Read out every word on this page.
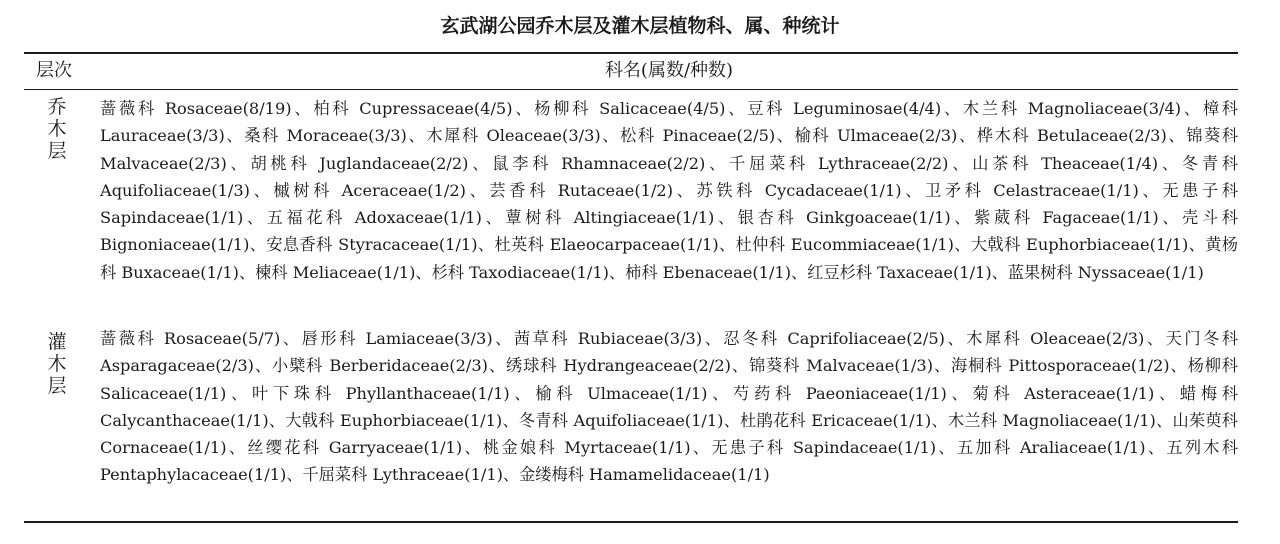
玄武湖公园乔木层及灌木层植物科、属、种统计
层次	科名(属数/种数)
乔
木
层
蔷薇科 Rosaceae(8/19)、柏科 Cupressaceae(4/5)、杨柳科 Salicaceae(4/5)、豆科 Leguminosae(4/4)、木兰科 Magnoliaceae(3/4)、樟科 Lauraceae(3/3)、桑科 Moraceae(3/3)、木犀科 Oleaceae(3/3)、松科 Pinaceae(2/5)、榆科 Ulmaceae(2/3)、桦木科 Betulaceae(2/3)、锦葵科 Malvaceae(2/3)、胡桃科 Juglandaceae(2/2)、鼠李科 Rhamnaceae(2/2)、千屈菜科 Lythraceae(2/2)、山茶科 Theaceae(1/4)、冬青科 Aquifoliaceae(1/3)、槭树科 Aceraceae(1/2)、芸香科 Rutaceae(1/2)、苏铁科 Cycadaceae(1/1)、卫矛科 Celastraceae(1/1)、无患子科 Sapindaceae(1/1)、五福花科 Adoxaceae(1/1)、蕈树科 Altingiaceae(1/1)、银杏科 Ginkgoaceae(1/1)、紫葳科 Fagaceae(1/1)、壳斗科 Bignoniaceae(1/1)、安息香科 Styracaceae(1/1)、杜英科 Elaeocarpaceae(1/1)、杜仲科 Eucommiaceae(1/1)、大戟科 Euphorbiaceae(1/1)、黄杨科 Buxaceae(1/1)、楝科 Meliaceae(1/1)、杉科 Taxodiaceae(1/1)、柿科 Ebenaceae(1/1)、红豆杉科 Taxaceae(1/1)、蓝果树科 Nyssaceae(1/1)
灌
木
层
蔷薇科 Rosaceae(5/7)、唇形科 Lamiaceae(3/3)、茜草科 Rubiaceae(3/3)、忍冬科 Caprifoliaceae(2/5)、木犀科 Oleaceae(2/3)、天门冬科 Asparagaceae(2/3)、小檗科 Berberidaceae(2/3)、绣球科 Hydrangeaceae(2/2)、锦葵科 Malvaceae(1/3)、海桐科 Pittosporaceae(1/2)、杨柳科 Salicaceae(1/1)、叶下珠科 Phyllanthaceae(1/1)、榆科 Ulmaceae(1/1)、芍药科 Paeoniaceae(1/1)、菊科 Asteraceae(1/1)、蜡梅科 Calycanthaceae(1/1)、大戟科 Euphorbiaceae(1/1)、冬青科 Aquifoliaceae(1/1)、杜鹃花科 Ericaceae(1/1)、木兰科 Magnoliaceae(1/1)、山茱萸科 Cornaceae(1/1)、丝缨花科 Garryaceae(1/1)、桃金娘科 Myrtaceae(1/1)、无患子科 Sapindaceae(1/1)、五加科 Araliaceae(1/1)、五列木科 Pentaphylacaceae(1/1)、千屈菜科 Lythraceae(1/1)、金缕梅科 Hamamelidaceae(1/1)
